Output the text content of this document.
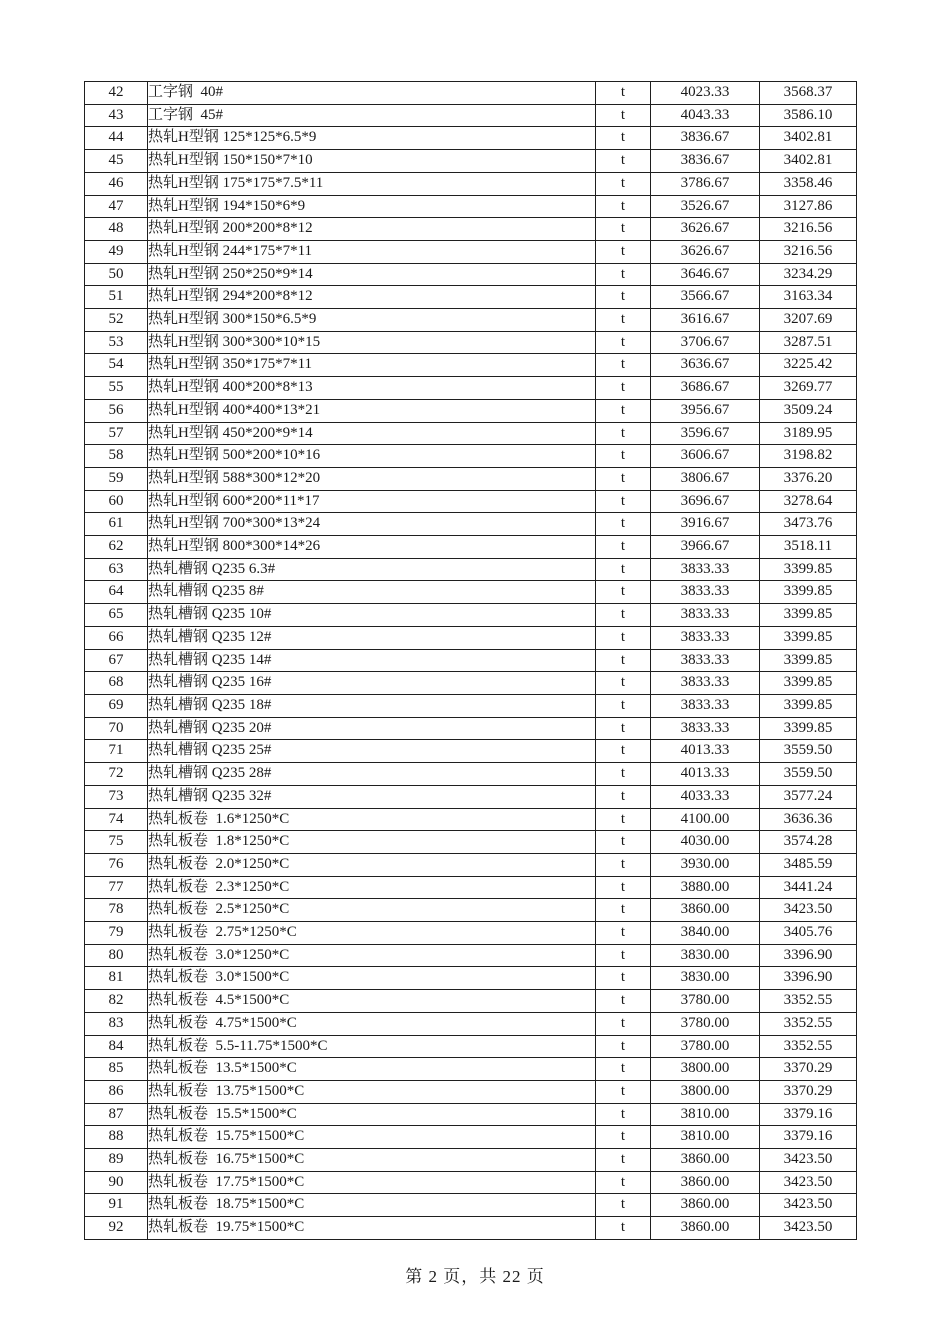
42	工字钢  40#	t	4023.33	3568.37
43	工字钢  45#	t	4043.33	3586.10
44	热轧H型钢 125*125*6.5*9	t	3836.67	3402.81
45	热轧H型钢 150*150*7*10	t	3836.67	3402.81
46	热轧H型钢 175*175*7.5*11	t	3786.67	3358.46
47	热轧H型钢 194*150*6*9	t	3526.67	3127.86
48	热轧H型钢 200*200*8*12	t	3626.67	3216.56
49	热轧H型钢 244*175*7*11	t	3626.67	3216.56
50	热轧H型钢 250*250*9*14	t	3646.67	3234.29
51	热轧H型钢 294*200*8*12	t	3566.67	3163.34
52	热轧H型钢 300*150*6.5*9	t	3616.67	3207.69
53	热轧H型钢 300*300*10*15	t	3706.67	3287.51
54	热轧H型钢 350*175*7*11	t	3636.67	3225.42
55	热轧H型钢 400*200*8*13	t	3686.67	3269.77
56	热轧H型钢 400*400*13*21	t	3956.67	3509.24
57	热轧H型钢 450*200*9*14	t	3596.67	3189.95
58	热轧H型钢 500*200*10*16	t	3606.67	3198.82
59	热轧H型钢 588*300*12*20	t	3806.67	3376.20
60	热轧H型钢 600*200*11*17	t	3696.67	3278.64
61	热轧H型钢 700*300*13*24	t	3916.67	3473.76
62	热轧H型钢 800*300*14*26	t	3966.67	3518.11
63	热轧槽钢 Q235 6.3#	t	3833.33	3399.85
64	热轧槽钢 Q235 8#	t	3833.33	3399.85
65	热轧槽钢 Q235 10#	t	3833.33	3399.85
66	热轧槽钢 Q235 12#	t	3833.33	3399.85
67	热轧槽钢 Q235 14#	t	3833.33	3399.85
68	热轧槽钢 Q235 16#	t	3833.33	3399.85
69	热轧槽钢 Q235 18#	t	3833.33	3399.85
70	热轧槽钢 Q235 20#	t	3833.33	3399.85
71	热轧槽钢 Q235 25#	t	4013.33	3559.50
72	热轧槽钢 Q235 28#	t	4013.33	3559.50
73	热轧槽钢 Q235 32#	t	4033.33	3577.24
74	热轧板卷  1.6*1250*C	t	4100.00	3636.36
75	热轧板卷  1.8*1250*C	t	4030.00	3574.28
76	热轧板卷  2.0*1250*C	t	3930.00	3485.59
77	热轧板卷  2.3*1250*C	t	3880.00	3441.24
78	热轧板卷  2.5*1250*C	t	3860.00	3423.50
79	热轧板卷  2.75*1250*C	t	3840.00	3405.76
80	热轧板卷  3.0*1250*C	t	3830.00	3396.90
81	热轧板卷  3.0*1500*C	t	3830.00	3396.90
82	热轧板卷  4.5*1500*C	t	3780.00	3352.55
83	热轧板卷  4.75*1500*C	t	3780.00	3352.55
84	热轧板卷  5.5-11.75*1500*C	t	3780.00	3352.55
85	热轧板卷  13.5*1500*C	t	3800.00	3370.29
86	热轧板卷  13.75*1500*C	t	3800.00	3370.29
87	热轧板卷  15.5*1500*C	t	3810.00	3379.16
88	热轧板卷  15.75*1500*C	t	3810.00	3379.16
89	热轧板卷  16.75*1500*C	t	3860.00	3423.50
90	热轧板卷  17.75*1500*C	t	3860.00	3423.50
91	热轧板卷  18.75*1500*C	t	3860.00	3423.50
92	热轧板卷  19.75*1500*C	t	3860.00	3423.50
第 2 页，共 22 页
